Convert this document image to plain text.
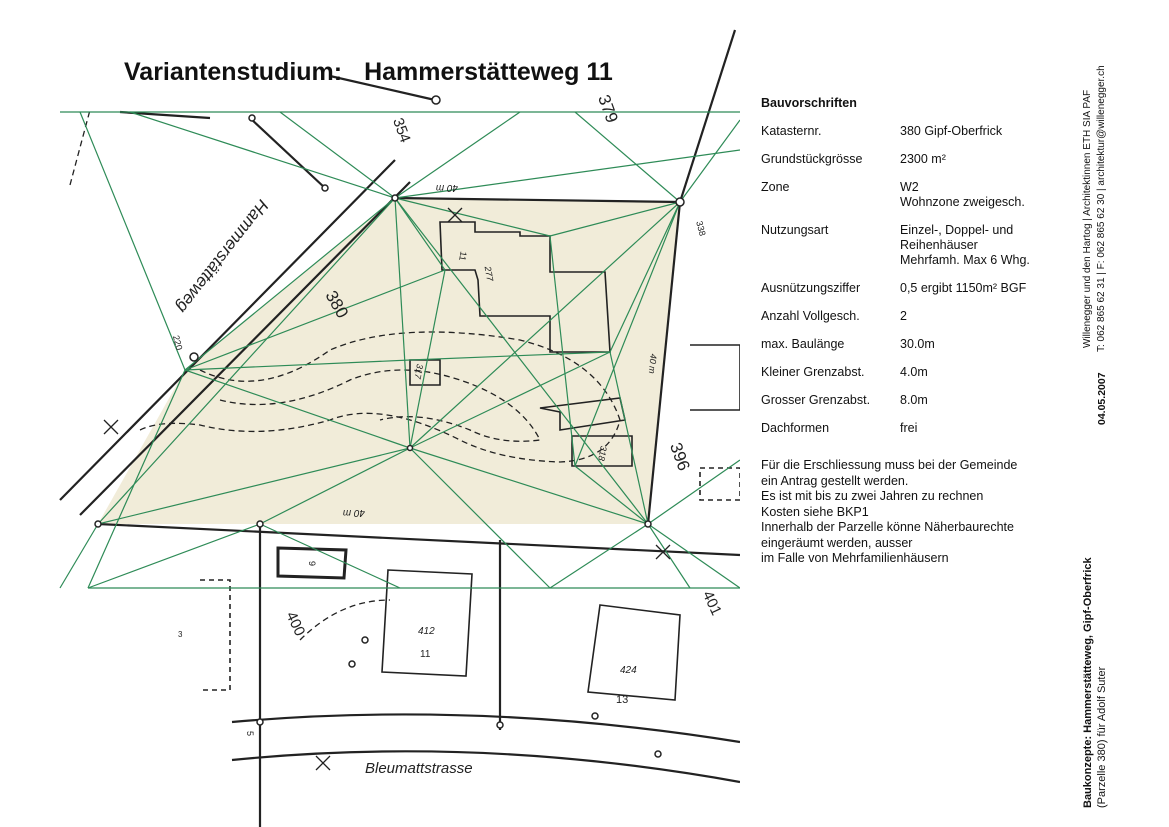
380
Hammerstätteweg
Bleumattstrasse
379
354
396
400
401
412
11
424
13
277
317
318
220
338
3
40 m
40 m
40 m
11
9
5
Variantenstudium: Hammerstätteweg 11
Bauvorschriften
Katasternr.	380 Gipf-Oberfrick
Grundstückgrösse	2300 m²
Zone	W2
Wohnzone zweigesch.
Nutzungsart	Einzel-, Doppel- und
Reihenhäuser
Mehrfamh. Max 6 Whg.
Ausnützungsziffer	0,5 ergibt 1150m² BGF
Anzahl Vollgesch.	2
max. Baulänge	30.0m
Kleiner Grenzabst.	4.0m
Grosser Grenzabst.	8.0m
Dachformen	frei
Für die Erschliessung muss bei der Gemeinde
ein Antrag gestellt werden.
Es ist mit bis zu zwei Jahren zu rechnen
Kosten siehe BKP1
Innerhalb der Parzelle könne Näherbaurechte
eingeräumt werden, ausser
im Falle von Mehrfamilienhäusern	Baukonzepte: Hammerstätteweg, Gipf-Oberfrick (Parzelle 380) für Adolf Suter
04.05.2007
Willenegger und den Hartog | Architektinnen ETH SIA PAF T: 062 865 62 31 | F: 062 865 62 30 | architektur@willenegger.ch
